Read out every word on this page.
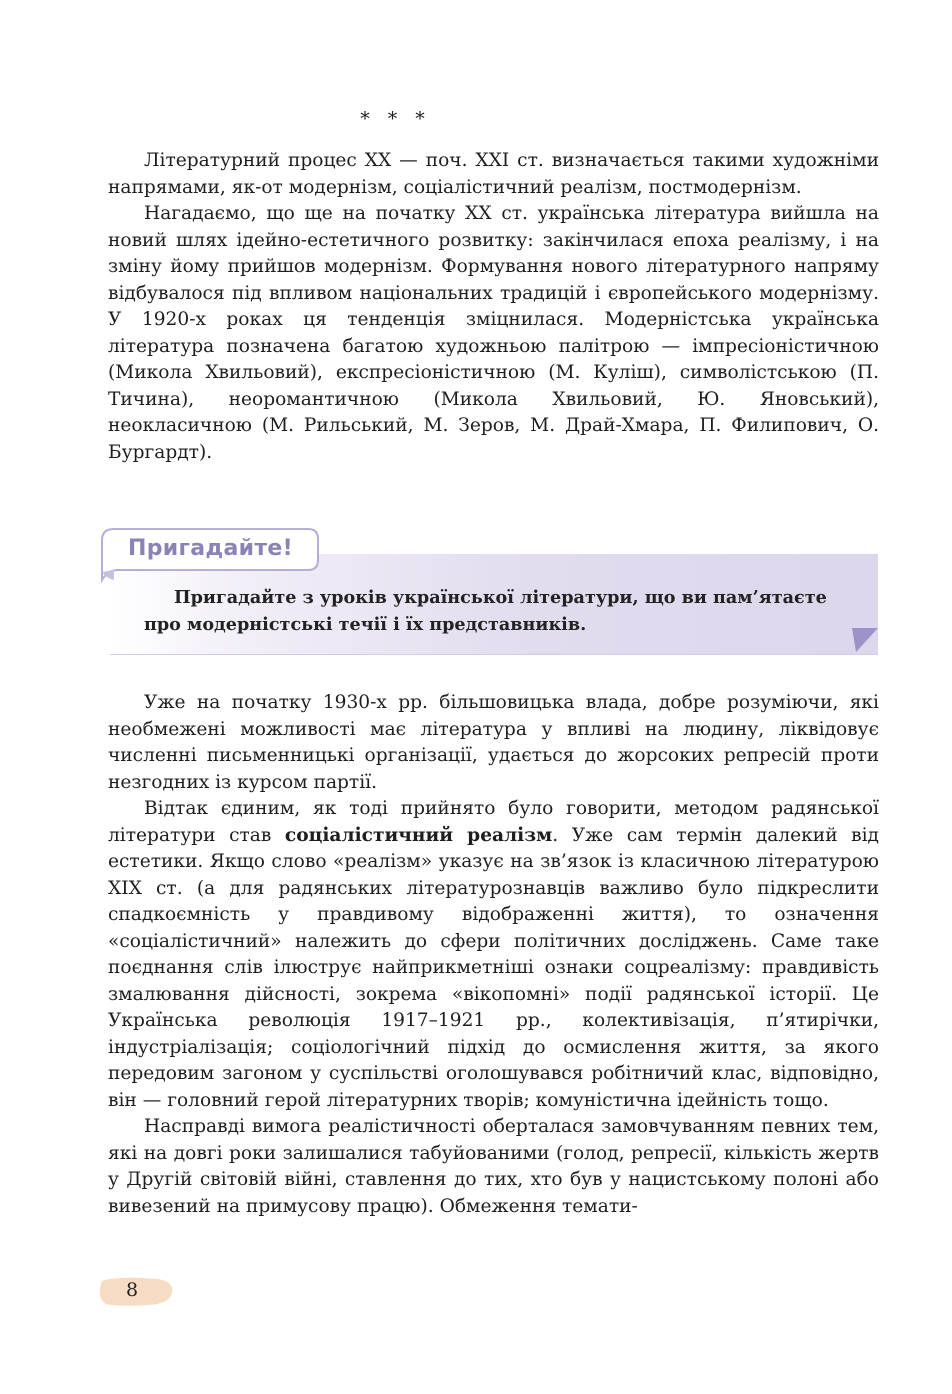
* * *

Літературний процес XX — поч. XXI ст. визначається такими художніми напрямами, як-от модернізм, соціалістичний реалізм, постмодернізм.

Нагадаємо, що ще на початку XX ст. українська література вийшла на новий шлях ідейно-естетичного розвитку: закінчилася епоха реалізму, і на зміну йому прийшов модернізм. Формування нового літературного напряму відбувалося під впливом національних традицій і європейського модернізму. У 1920-х роках ця тенденція зміцнилася. Модерністська українська література позначена багатою художньою палітрою — імпресіоністичною (Микола Хвильовий), експресіоністичною (М. Куліш), символістською (П. Тичина), неоромантичною (Микола Хвильовий, Ю. Яновський), неокласичною (М. Рильський, М. Зеров, М. Драй-Хмара, П. Филипович, О. Бургардт).

Уже на початку 1930-х рр. більшовицька влада, добре розуміючи, які необмежені можливості має література у впливі на людину, ліквідовує численні письменницькі організації, удається до жорсоких репресій проти незгодних із курсом партії.

Відтак єдиним, як тоді прийнято було говорити, методом радянської літератури став соціалістичний реалізм. Уже сам термін далекий від естетики. Якщо слово «реалізм» указує на зв’язок із класичною літературою XIX ст. (а для радянських літературознавців важливо було підкреслити спадкоємність у правдивому відображенні життя), то означення «соціалістичний» належить до сфери політичних досліджень. Саме таке поєднання слів ілюструє найприкметніші ознаки соцреалізму: правдивість змалювання дійсності, зокрема «вікопомні» події радянської історії. Це Українська революція 1917–1921 рр., колективізація, п’ятирічки, індустріалізація; соціологічний підхід до осмислення життя, за якого передовим загоном у суспільстві оголошувався робітничий клас, відповідно, він — головний герой літературних творів; комуністична ідейність тощо.

Насправді вимога реалістичності оберталася замовчуванням певних тем, які на довгі роки залишалися табуйованими (голод, репресії, кількість жертв у Другій світовій війні, ставлення до тих, хто був у нацистському полоні або вивезений на примусову працю). Обмеження темати-

Пригадайте!
Пригадайте з уроків української літератури, що ви пам’ятаєте про модерністські течії і їх представників.
8
